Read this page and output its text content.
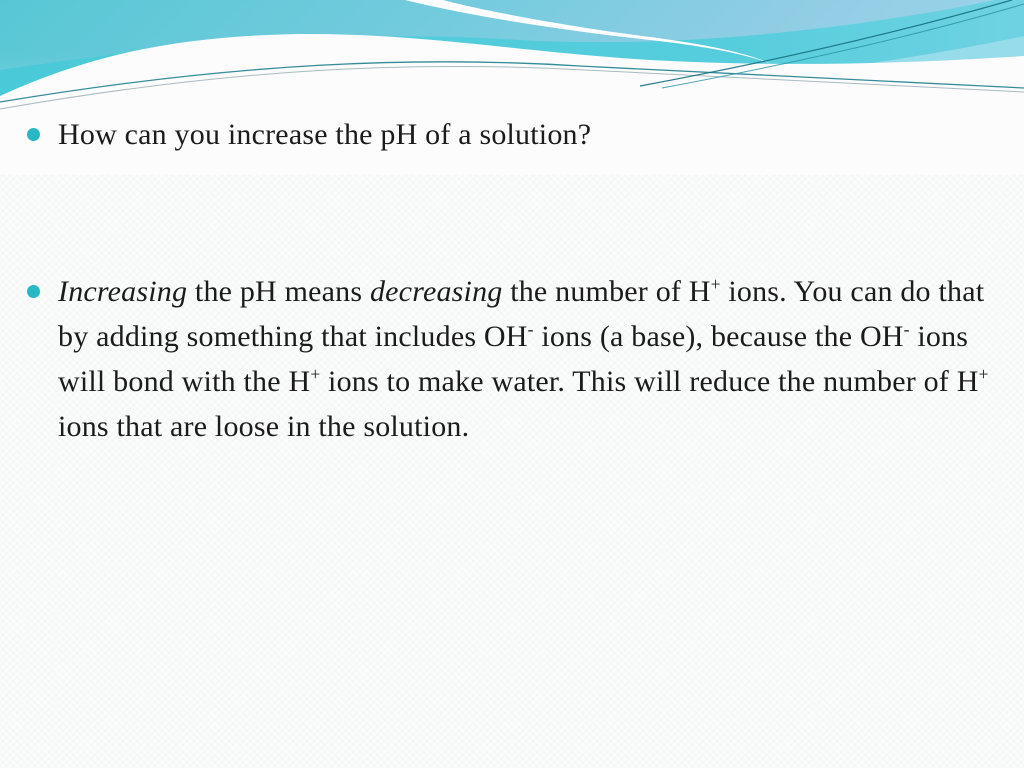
How can you increase the pH of a solution?
Increasing the pH means decreasing the number of H+ ions. You can do that by adding something that includes OH- ions (a base), because the OH- ions will bond with the H+ ions to make water. This will reduce the number of H+ ions that are loose in the solution.
